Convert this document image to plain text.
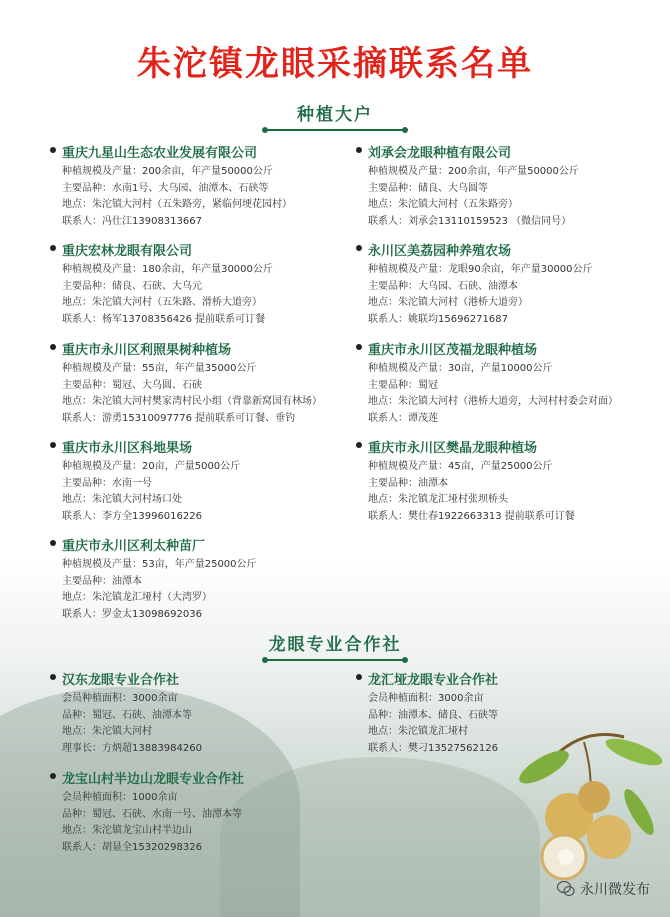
朱沱镇龙眼采摘联系名单
种植大户
重庆九星山生态农业发展有限公司
种植规模及产量：200余亩，年产量50000公斤
主要品种：水南1号、大乌园、油潭本、石硖等
地点：朱沱镇大河村（五朱路旁，紧临何埂花园村）
联系人：冯仕江13908313667
刘承会龙眼种植有限公司
种植规模及产量：200余亩，年产量50000公斤
主要品种：储良、大乌圆等
地点：朱沱镇大河村（五朱路旁）
联系人：刘承会13110159523 （微信同号）
重庆宏林龙眼有限公司
种植规模及产量：180余亩，年产量30000公斤
主要品种：储良、石硖、大乌元
地点：朱沱镇大河村（五朱路、滑桥大道旁）
联系人：杨军13708356426 提前联系可订餐
永川区美荔园种养殖农场
种植规模及产量：龙眼90余亩，年产量30000公斤
主要品种：大乌园、石硖、油潭本
地点：朱沱镇大河村（港桥大道旁）
联系人：姚联均15696271687
重庆市永川区利照果树种植场
种植规模及产量：55亩，年产量35000公斤
主要品种：蜀冠、大乌圆、石硖
地点：朱沱镇大河村樊家湾村民小组（背靠新窝国有林场）
联系人：游勇15310097776 提前联系可订餐、垂钓
重庆市永川区茂福龙眼种植场
种植规模及产量：30亩，产量10000公斤
主要品种：蜀冠
地点：朱沱镇大河村（港桥大道旁，大河村村委会对面）
联系人：谭茂莲
重庆市永川区科地果场
种植规模及产量：20亩，产量5000公斤
主要品种：水南一号
地点：朱沱镇大河村场口处
联系人：李方全13996016226
重庆市永川区樊晶龙眼种植场
种植规模及产量：45亩，产量25000公斤
主要品种：油潭本
地点：朱沱镇龙汇垭村张坝桥头
联系人：樊仕春1922663313 提前联系可订餐
重庆市永川区利太种苗厂
种植规模及产量：53亩，年产量25000公斤
主要品种：油潭本
地点：朱沱镇龙汇垭村（大湾罗）
联系人：罗金太13098692036
龙眼专业合作社
汉东龙眼专业合作社
会员种植面积：3000余亩
品种：蜀冠、石硖、油潭本等
地点：朱沱镇大河村
理事长：方炳超13883984260
龙汇垭龙眼专业合作社
会员种植面积：3000余亩
品种：油潭本、储良、石硖等
地点：朱沱镇龙汇垭村
联系人：樊刁13527562126
龙宝山村半边山龙眼专业合作社
会员种植面积：1000余亩
品种：蜀冠、石硖、水南一号、油潭本等
地点：朱沱镇龙宝山村半边山
联系人：胡显全15320298326
永川微发布
